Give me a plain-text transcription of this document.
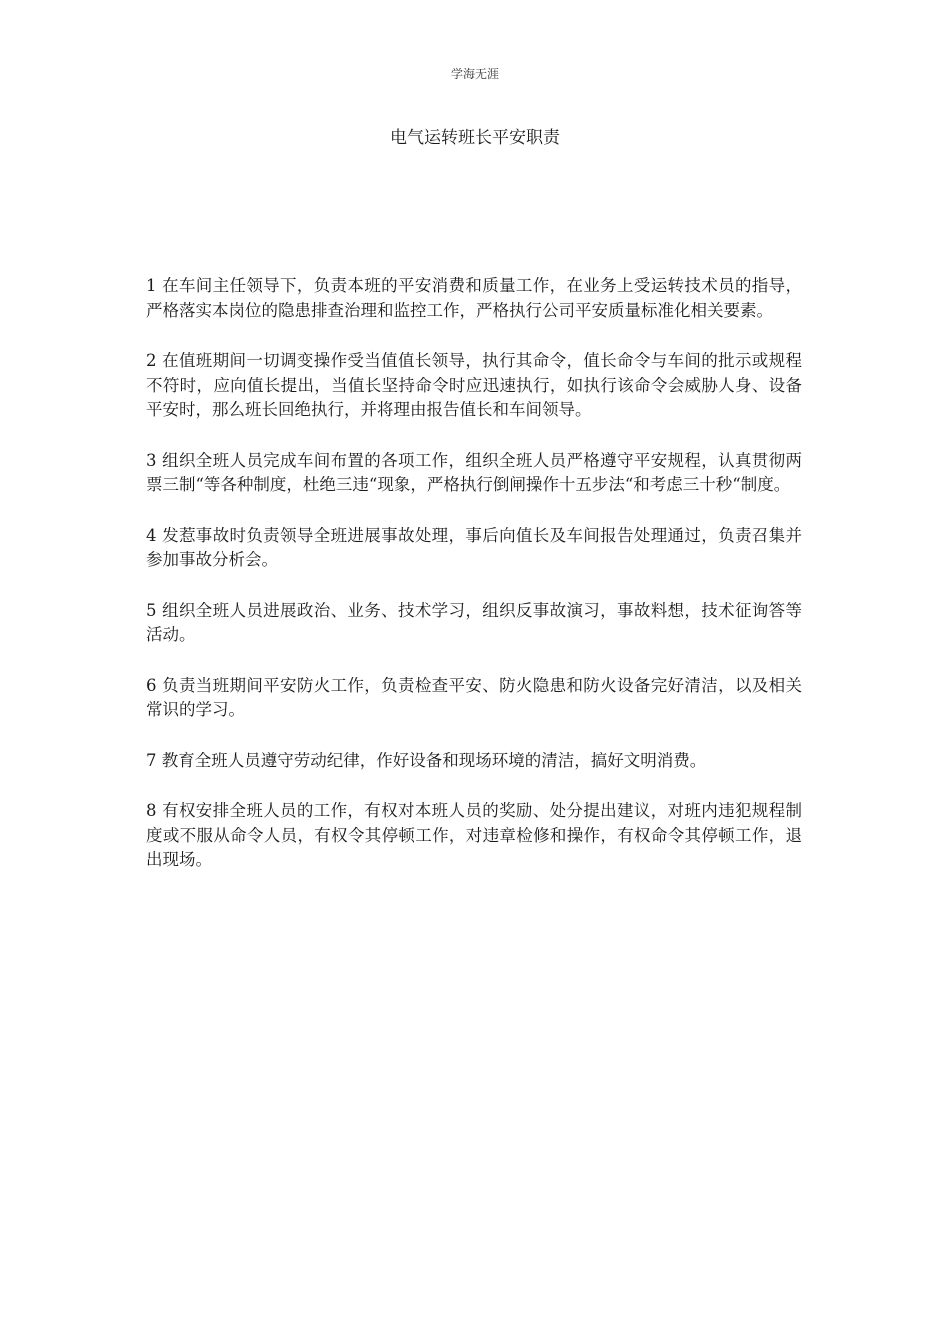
学海无涯
电气运转班长平安职责

1 在车间主任领导下，负责本班的平安消费和质量工作，在业务上受运转技术员的指导，严格落实本岗位的隐患排查治理和监控工作，严格执行公司平安质量标准化相关要素。

2 在值班期间一切调变操作受当值值长领导，执行其命令，值长命令与车间的批示或规程不符时，应向值长提出，当值长坚持命令时应迅速执行，如执行该命令会威胁人身、设备平安时，那么班长回绝执行，并将理由报告值长和车间领导。

3 组织全班人员完成车间布置的各项工作，组织全班人员严格遵守平安规程，认真贯彻两票三制“等各种制度，杜绝三违“现象，严格执行倒闸操作十五步法“和考虑三十秒“制度。

4 发惹事故时负责领导全班进展事故处理，事后向值长及车间报告处理通过，负责召集并参加事故分析会。

5 组织全班人员进展政治、业务、技术学习，组织反事故演习，事故料想，技术征询答等活动。

6 负责当班期间平安防火工作，负责检查平安、防火隐患和防火设备完好清洁，以及相关常识的学习。

7 教育全班人员遵守劳动纪律，作好设备和现场环境的清洁，搞好文明消费。

8 有权安排全班人员的工作，有权对本班人员的奖励、处分提出建议，对班内违犯规程制度或不服从命令人员，有权令其停顿工作，对违章检修和操作，有权命令其停顿工作，退出现场。
